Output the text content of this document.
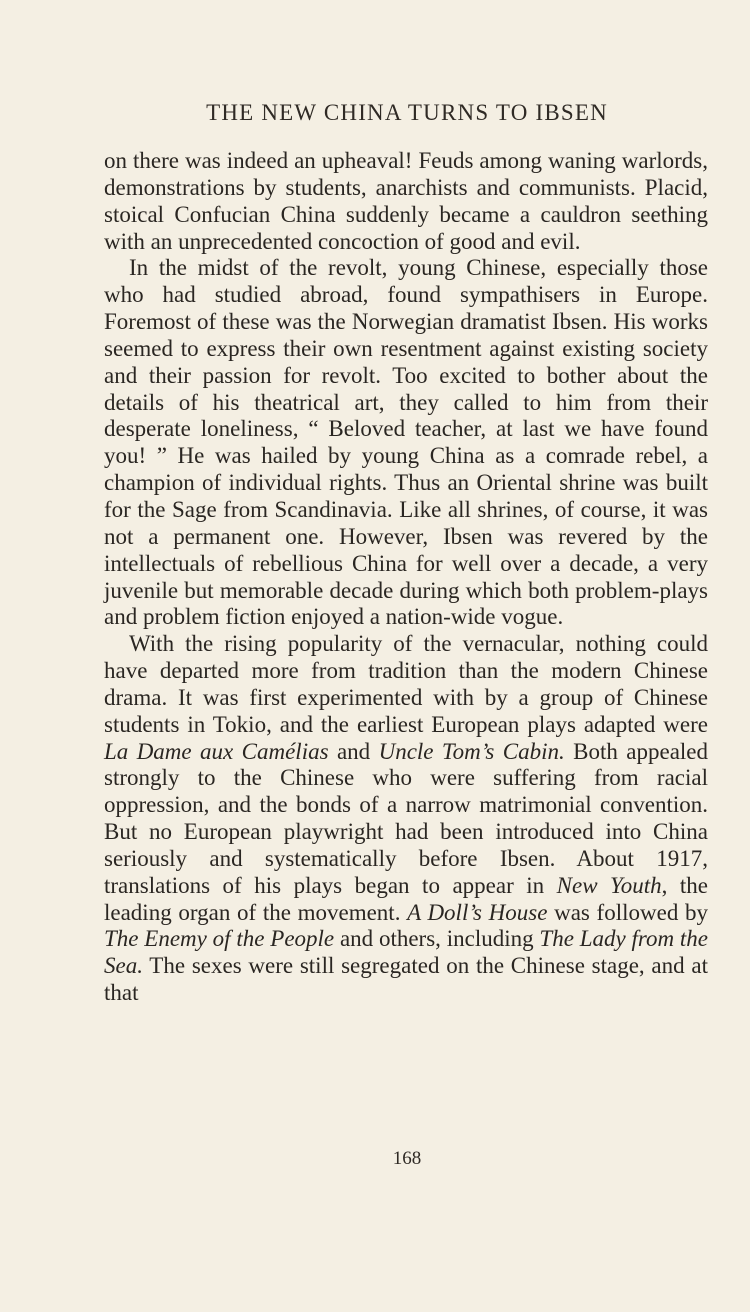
THE NEW CHINA TURNS TO IBSEN

on there was indeed an upheaval! Feuds among waning warlords, demonstrations by students, anarchists and communists. Placid, stoical Confucian China suddenly became a cauldron seething with an unprecedented concoction of good and evil.

In the midst of the revolt, young Chinese, especially those who had studied abroad, found sympathisers in Europe. Foremost of these was the Norwegian dramatist Ibsen. His works seemed to express their own resentment against existing society and their passion for revolt. Too excited to bother about the details of his theatrical art, they called to him from their desperate loneliness, “ Beloved teacher, at last we have found you! ” He was hailed by young China as a comrade rebel, a champion of individual rights. Thus an Oriental shrine was built for the Sage from Scandinavia. Like all shrines, of course, it was not a permanent one. However, Ibsen was revered by the intellectuals of rebellious China for well over a decade, a very juvenile but memorable decade during which both problem-plays and problem fiction enjoyed a nation-wide vogue.

With the rising popularity of the vernacular, nothing could have departed more from tradition than the modern Chinese drama. It was first experimented with by a group of Chinese students in Tokio, and the earliest European plays adapted were La Dame aux Camélias and Uncle Tom’s Cabin. Both appealed strongly to the Chinese who were suffering from racial oppression, and the bonds of a narrow matrimonial convention. But no European playwright had been introduced into China seriously and systematically before Ibsen. About 1917, translations of his plays began to appear in New Youth, the leading organ of the movement. A Doll’s House was followed by The Enemy of the People and others, including The Lady from the Sea. The sexes were still segregated on the Chinese stage, and at that

168
